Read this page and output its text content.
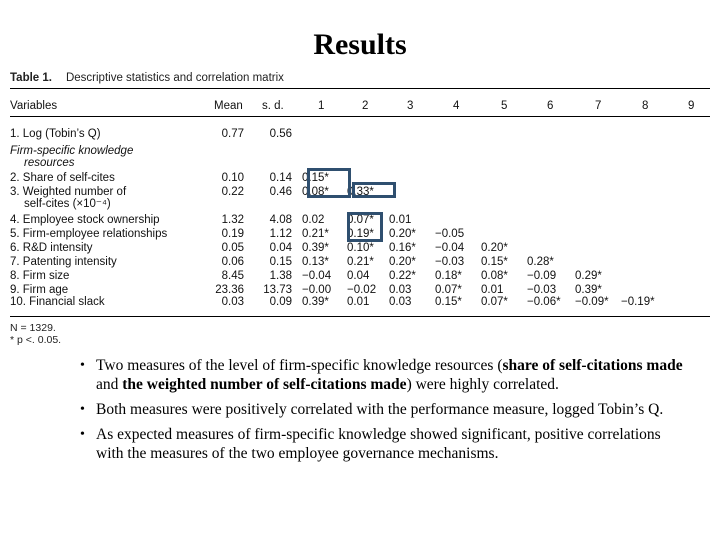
Results
Table 1. Descriptive statistics and correlation matrix
Variables	Mean s. d.	1	2	3	4	5	6	7	8	9
Firm-specific knowledge
resources
1. Log (Tobin’s Q)	0.77	0.56
2. Share of self-cites	0.10	0.14 0.15*
3. Weighted number of
self-cites (×10⁻⁴)
0.22	0.46 0.08*	0.33*
4. Employee stock ownership	1.32	4.08 0.02	0.07*	0.01
5. Firm-employee relationships	0.19	1.12 0.21*	0.19*	0.20*	−0.05
6. R&D intensity	0.05	0.04 0.39*	0.10*	0.16*	−0.04	0.20*
7. Patenting intensity	0.06	0.15 0.13*	0.21*	0.20*	−0.03	0.15*	0.28*
8. Firm size	8.45	1.38 −0.04	0.04	0.22*	0.18*	0.08*	−0.09	0.29*
9. Firm age	23.36	13.73 −0.00	−0.02	0.03	0.07*	0.01	−0.03	0.39*
10. Financial slack	0.03	0.09 0.39*	0.01	0.03	0.15*	0.07*	−0.06*	−0.09*	−0.19*
N = 1329.
* p <. 0.05.
• Two measures of the level of firm-specific knowledge resources (share of self-citations made and the weighted number of self-citations made) were highly correlated.
• Both measures were positively correlated with the performance measure, logged Tobin’s Q.
• As expected measures of firm-specific knowledge showed significant, positive correlations with the measures of the two employee governance mechanisms.
